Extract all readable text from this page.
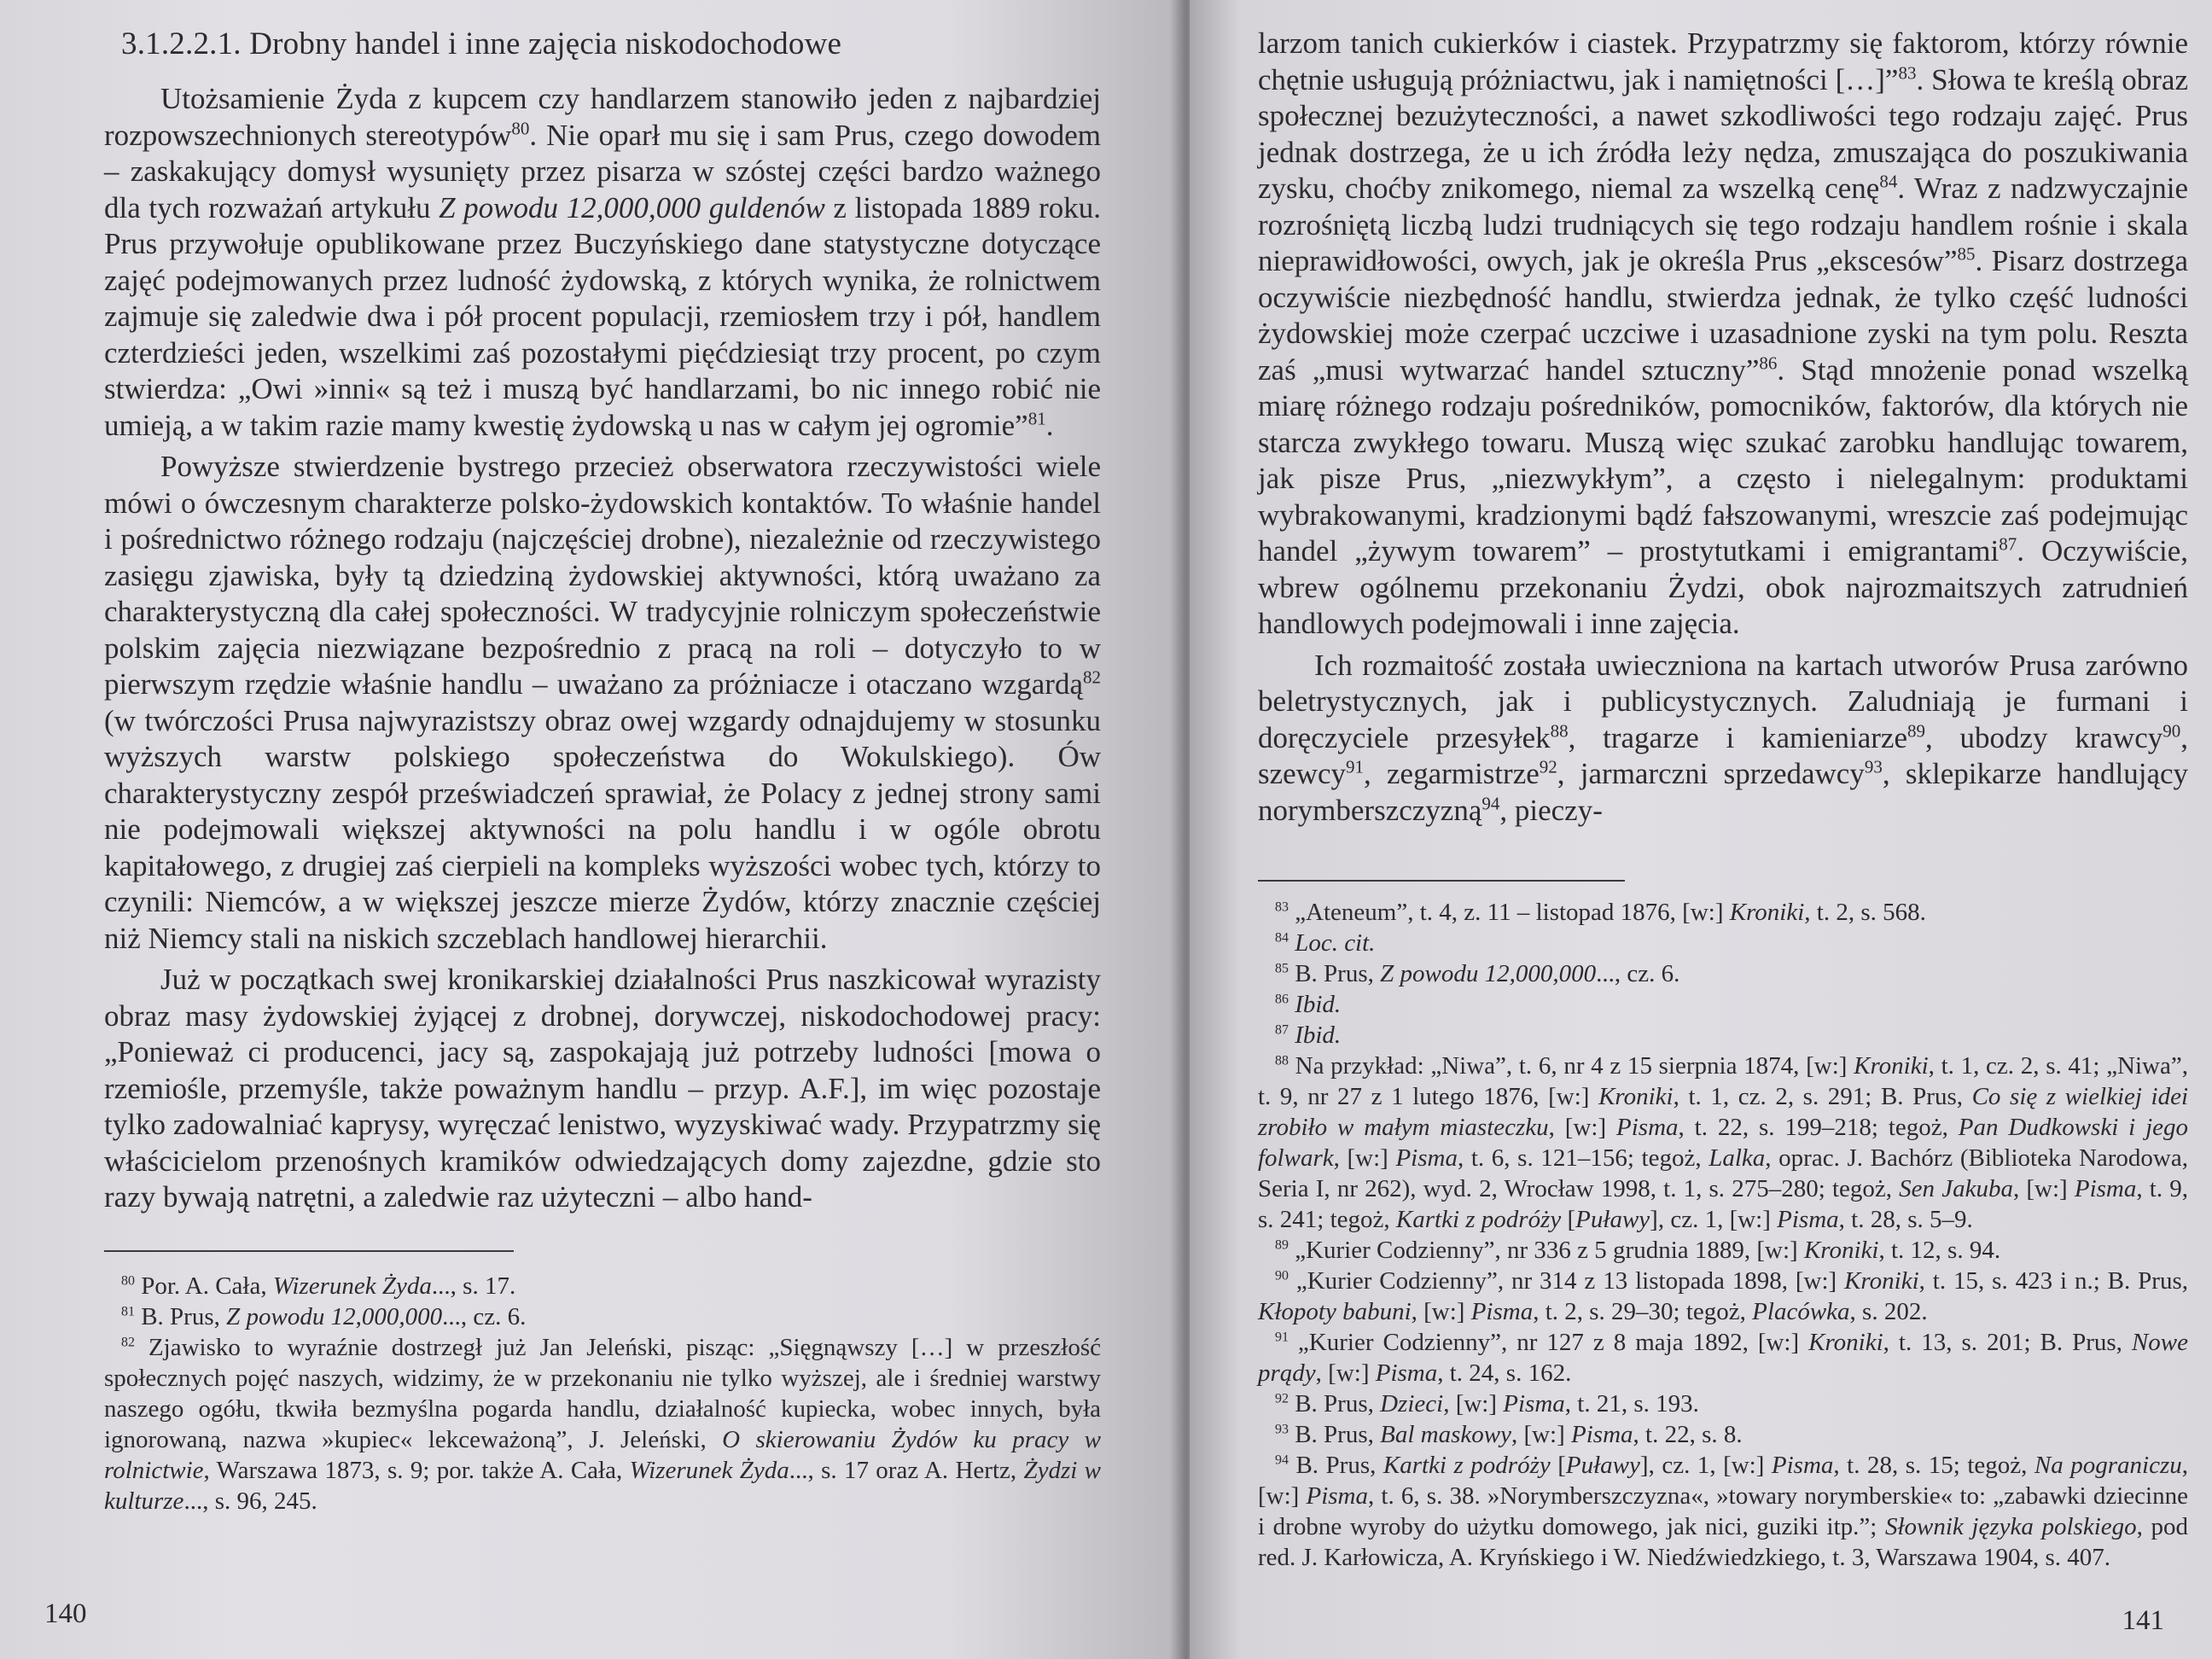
3.1.2.2.1. Drobny handel i inne zajęcia niskodochodowe

Utożsamienie Żyda z kupcem czy handlarzem stanowiło jeden z najbardziej rozpowszechnionych stereotypów$^{80}$. Nie oparł mu się i sam Prus, czego dowodem – zaskakujący domysł wysunięty przez pisarza w szóstej części bardzo ważnego dla tych rozważań artykułu Z powodu 12,000,000 guldenów z listopada 1889 roku. Prus przywołuje opublikowane przez Buczyńskiego dane statystyczne dotyczące zajęć podejmowanych przez ludność żydowską, z których wynika, że rolnictwem zajmuje się zaledwie dwa i pół procent populacji, rzemiosłem trzy i pół, handlem czterdzieści jeden, wszelkimi zaś pozostałymi pięćdziesiąt trzy procent, po czym stwierdza: „Owi »inni« są też i muszą być handlarzami, bo nic innego robić nie umieją, a w takim razie mamy kwestię żydowską u nas w całym jej ogromie”$^{81}$.

Powyższe stwierdzenie bystrego przecież obserwatora rzeczywistości wiele mówi o ówczesnym charakterze polsko-żydowskich kontaktów. To właśnie handel i pośrednictwo różnego rodzaju (najczęściej drobne), niezależnie od rzeczywistego zasięgu zjawiska, były tą dziedziną żydowskiej aktywności, którą uważano za charakterystyczną dla całej społeczności. W tradycyjnie rolniczym społeczeństwie polskim zajęcia niezwiązane bezpośrednio z pracą na roli – dotyczyło to w pierwszym rzędzie właśnie handlu – uważano za próżniacze i otaczano wzgardą$^{82}$ (w twórczości Prusa najwyrazistszy obraz owej wzgardy odnajdujemy w stosunku wyższych warstw polskiego społeczeństwa do Wokulskiego). Ów charakterystyczny zespół przeświadczeń sprawiał, że Polacy z jednej strony sami nie podejmowali większej aktywności na polu handlu i w ogóle obrotu kapitałowego, z drugiej zaś cierpieli na kompleks wyższości wobec tych, którzy to czynili: Niemców, a w większej jeszcze mierze Żydów, którzy znacznie częściej niż Niemcy stali na niskich szczeblach handlowej hierarchii.

Już w początkach swej kronikarskiej działalności Prus naszkicował wyrazisty obraz masy żydowskiej żyjącej z drobnej, dorywczej, niskodochodowej pracy: „Ponieważ ci producenci, jacy są, zaspokajają już potrzeby ludności [mowa o rzemiośle, przemyśle, także poważnym handlu – przyp. A.F.], im więc pozostaje tylko zadowalniać kaprysy, wyręczać lenistwo, wyzyskiwać wady. Przypatrzmy się właścicielom przenośnych kramików odwiedzających domy zajezdne, gdzie sto razy bywają natrętni, a zaledwie raz użyteczni – albo hand-

$^{80}$ Por. A. Cała, Wizerunek Żyda..., s. 17.

$^{81}$ B. Prus, Z powodu 12,000,000..., cz. 6.

$^{82}$ Zjawisko to wyraźnie dostrzegł już Jan Jeleński, pisząc: „Sięgnąwszy […] w przeszłość społecznych pojęć naszych, widzimy, że w przekonaniu nie tylko wyższej, ale i średniej warstwy naszego ogółu, tkwiła bezmyślna pogarda handlu, działalność kupiecka, wobec innych, była ignorowaną, nazwa »kupiec« lekceważoną”, J. Jeleński, O skierowaniu Żydów ku pracy w rolnictwie, Warszawa 1873, s. 9; por. także A. Cała, Wizerunek Żyda..., s. 17 oraz A. Hertz, Żydzi w kulturze..., s. 96, 245.

140

larzom tanich cukierków i ciastek. Przypatrzmy się faktorom, którzy równie chętnie usługują próżniactwu, jak i namiętności […]”$^{83}$. Słowa te kreślą obraz społecznej bezużyteczności, a nawet szkodliwości tego rodzaju zajęć. Prus jednak dostrzega, że u ich źródła leży nędza, zmuszająca do poszukiwania zysku, choćby znikomego, niemal za wszelką cenę$^{84}$. Wraz z nadzwyczajnie rozrośniętą liczbą ludzi trudniących się tego rodzaju handlem rośnie i skala nieprawidłowości, owych, jak je określa Prus „ekscesów”$^{85}$. Pisarz dostrzega oczywiście niezbędność handlu, stwierdza jednak, że tylko część ludności żydowskiej może czerpać uczciwe i uzasadnione zyski na tym polu. Reszta zaś „musi wytwarzać handel sztuczny”$^{86}$. Stąd mnożenie ponad wszelką miarę różnego rodzaju pośredników, pomocników, faktorów, dla których nie starcza zwykłego towaru. Muszą więc szukać zarobku handlując towarem, jak pisze Prus, „niezwykłym”, a często i nielegalnym: produktami wybrakowanymi, kradzionymi bądź fałszowanymi, wreszcie zaś podejmując handel „żywym towarem” – prostytutkami i emigrantami$^{87}$. Oczywiście, wbrew ogólnemu przekonaniu Żydzi, obok najrozmaitszych zatrudnień handlowych podejmowali i inne zajęcia.

Ich rozmaitość została uwieczniona na kartach utworów Prusa zarówno beletrystycznych, jak i publicystycznych. Zaludniają je furmani i doręczyciele przesyłek$^{88}$, tragarze i kamieniarze$^{89}$, ubodzy krawcy$^{90}$, szewcy$^{91}$, zegarmistrze$^{92}$, jarmarczni sprzedawcy$^{93}$, sklepikarze handlujący norymberszczyzną$^{94}$, pieczy-

$^{83}$ „Ateneum”, t. 4, z. 11 – listopad 1876, [w:] Kroniki, t. 2, s. 568.

$^{84}$ Loc. cit.

$^{85}$ B. Prus, Z powodu 12,000,000..., cz. 6.

$^{86}$ Ibid.

$^{87}$ Ibid.

$^{88}$ Na przykład: „Niwa”, t. 6, nr 4 z 15 sierpnia 1874, [w:] Kroniki, t. 1, cz. 2, s. 41; „Niwa”, t. 9, nr 27 z 1 lutego 1876, [w:] Kroniki, t. 1, cz. 2, s. 291; B. Prus, Co się z wielkiej idei zrobiło w małym miasteczku, [w:] Pisma, t. 22, s. 199–218; tegoż, Pan Dudkowski i jego folwark, [w:] Pisma, t. 6, s. 121–156; tegoż, Lalka, oprac. J. Bachórz (Biblioteka Narodowa, Seria I, nr 262), wyd. 2, Wrocław 1998, t. 1, s. 275–280; tegoż, Sen Jakuba, [w:] Pisma, t. 9, s. 241; tegoż, Kartki z podróży [Puławy], cz. 1, [w:] Pisma, t. 28, s. 5–9.

$^{89}$ „Kurier Codzienny”, nr 336 z 5 grudnia 1889, [w:] Kroniki, t. 12, s. 94.

$^{90}$ „Kurier Codzienny”, nr 314 z 13 listopada 1898, [w:] Kroniki, t. 15, s. 423 i n.; B. Prus, Kłopoty babuni, [w:] Pisma, t. 2, s. 29–30; tegoż, Placówka, s. 202.

$^{91}$ „Kurier Codzienny”, nr 127 z 8 maja 1892, [w:] Kroniki, t. 13, s. 201; B. Prus, Nowe prądy, [w:] Pisma, t. 24, s. 162.

$^{92}$ B. Prus, Dzieci, [w:] Pisma, t. 21, s. 193.

$^{93}$ B. Prus, Bal maskowy, [w:] Pisma, t. 22, s. 8.

$^{94}$ B. Prus, Kartki z podróży [Puławy], cz. 1, [w:] Pisma, t. 28, s. 15; tegoż, Na pograniczu, [w:] Pisma, t. 6, s. 38. »Norymberszczyzna«, »towary norymberskie« to: „zabawki dziecinne i drobne wyroby do użytku domowego, jak nici, guziki itp.”; Słownik języka polskiego, pod red. J. Karłowicza, A. Kryńskiego i W. Niedźwiedzkiego, t. 3, Warszawa 1904, s. 407.

141
